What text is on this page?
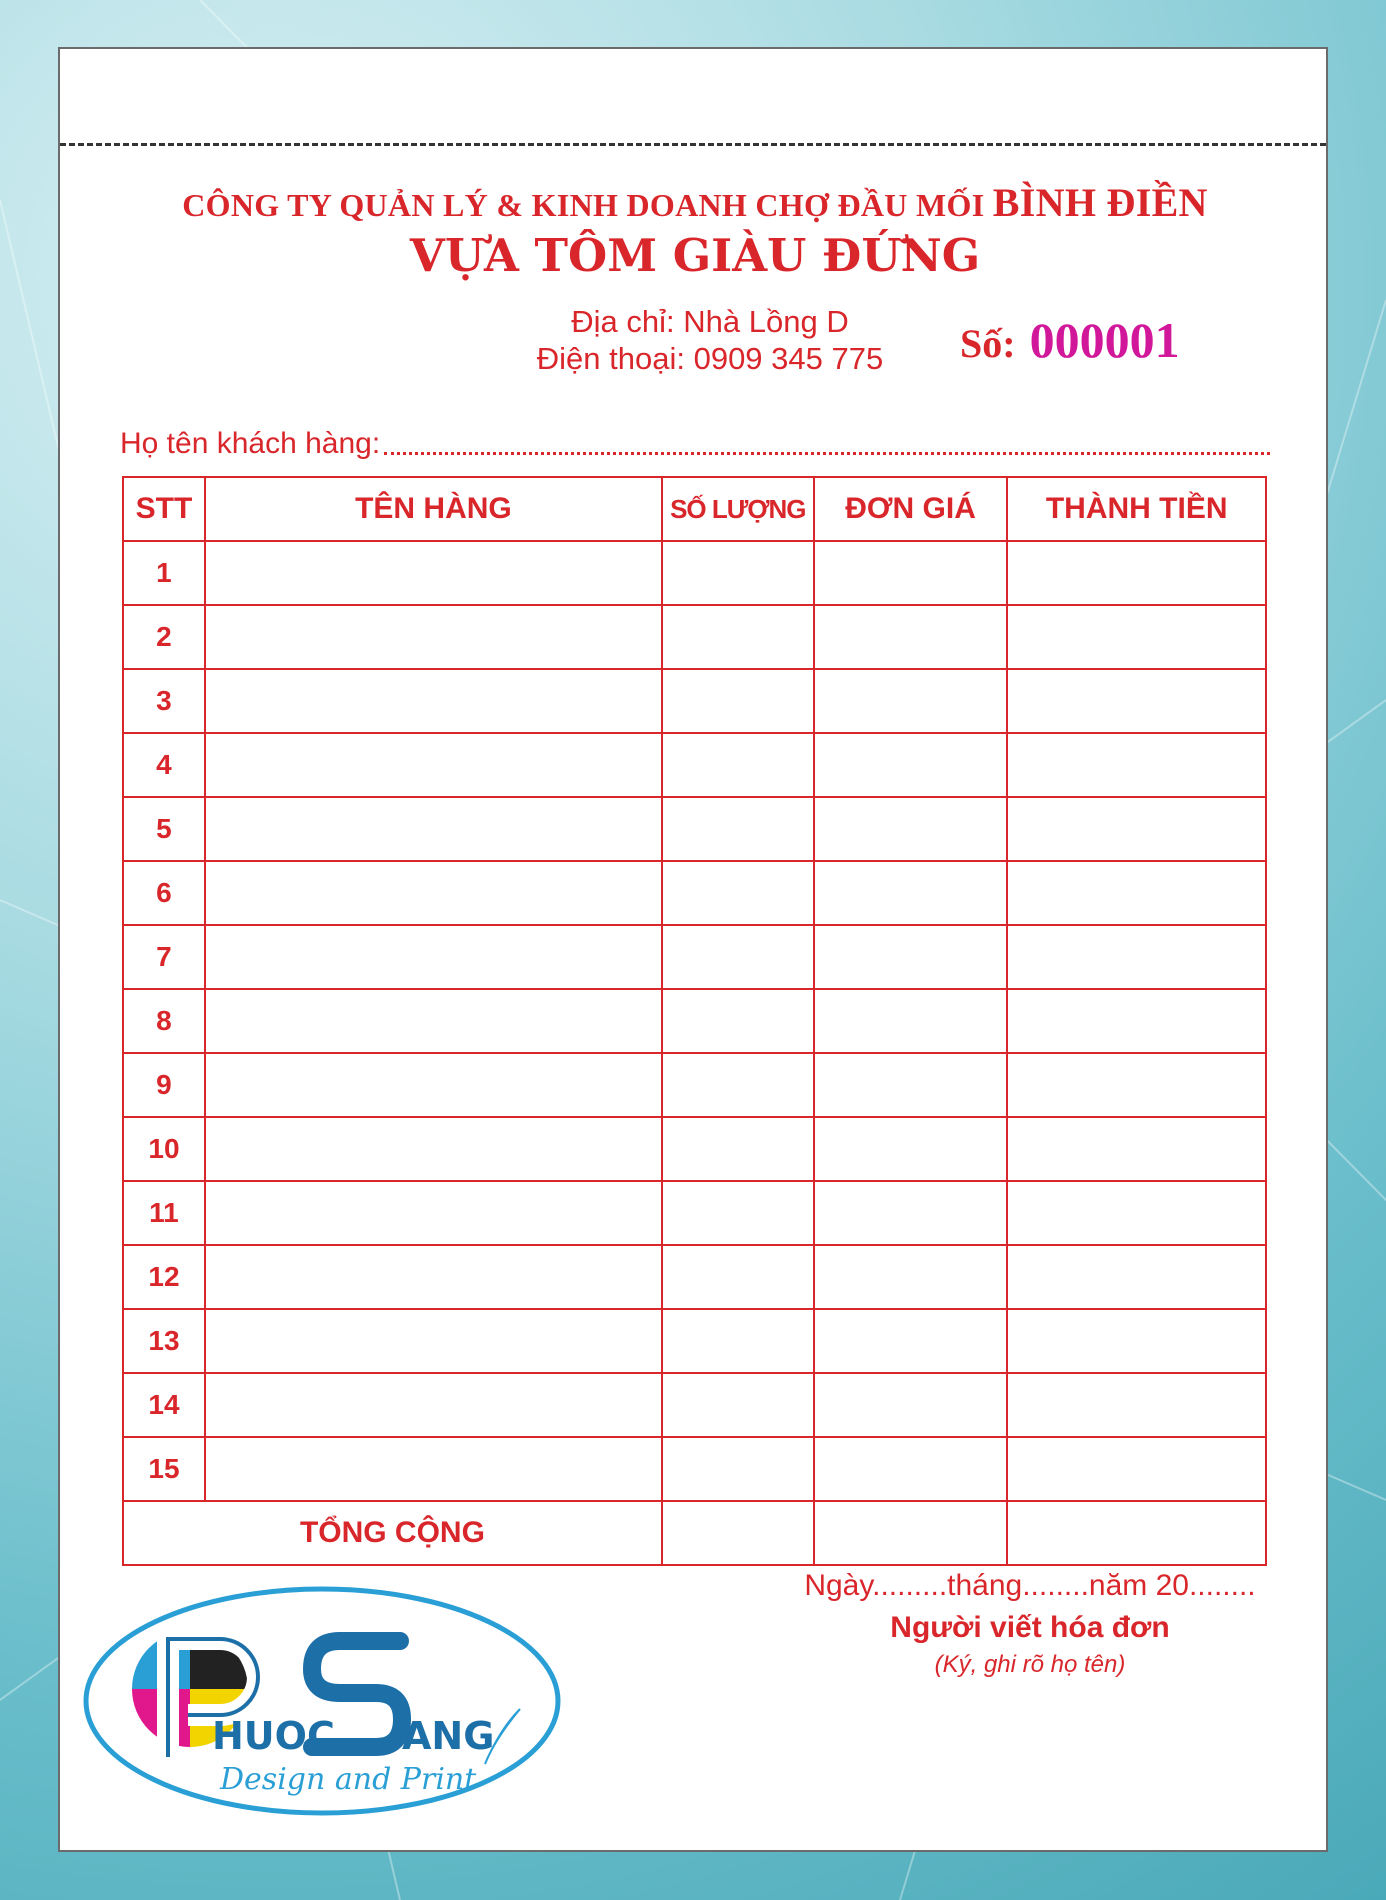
CÔNG TY QUẢN LÝ & KINH DOANH CHỢ ĐẦU MỐI BÌNH ĐIỀN
VỰA TÔM GIÀU ĐỨNG
Địa chỉ: Nhà Lồng D
Điện thoại: 0909 345 775	Số: 000001
Họ tên khách hàng:
STT	TÊN HÀNG	SỐ LƯỢNG	ĐƠN GIÁ	THÀNH TIỀN
1				
2				
3				
4				
5				
6				
7				
8				
9				
10				
11				
12				
13				
14				
15				
TỔNG CỘNG				
Ngày.........tháng........năm 20........
Người viết hóa đơn
(Ký, ghi rõ họ tên)
HUOC ANG
Design and Print
